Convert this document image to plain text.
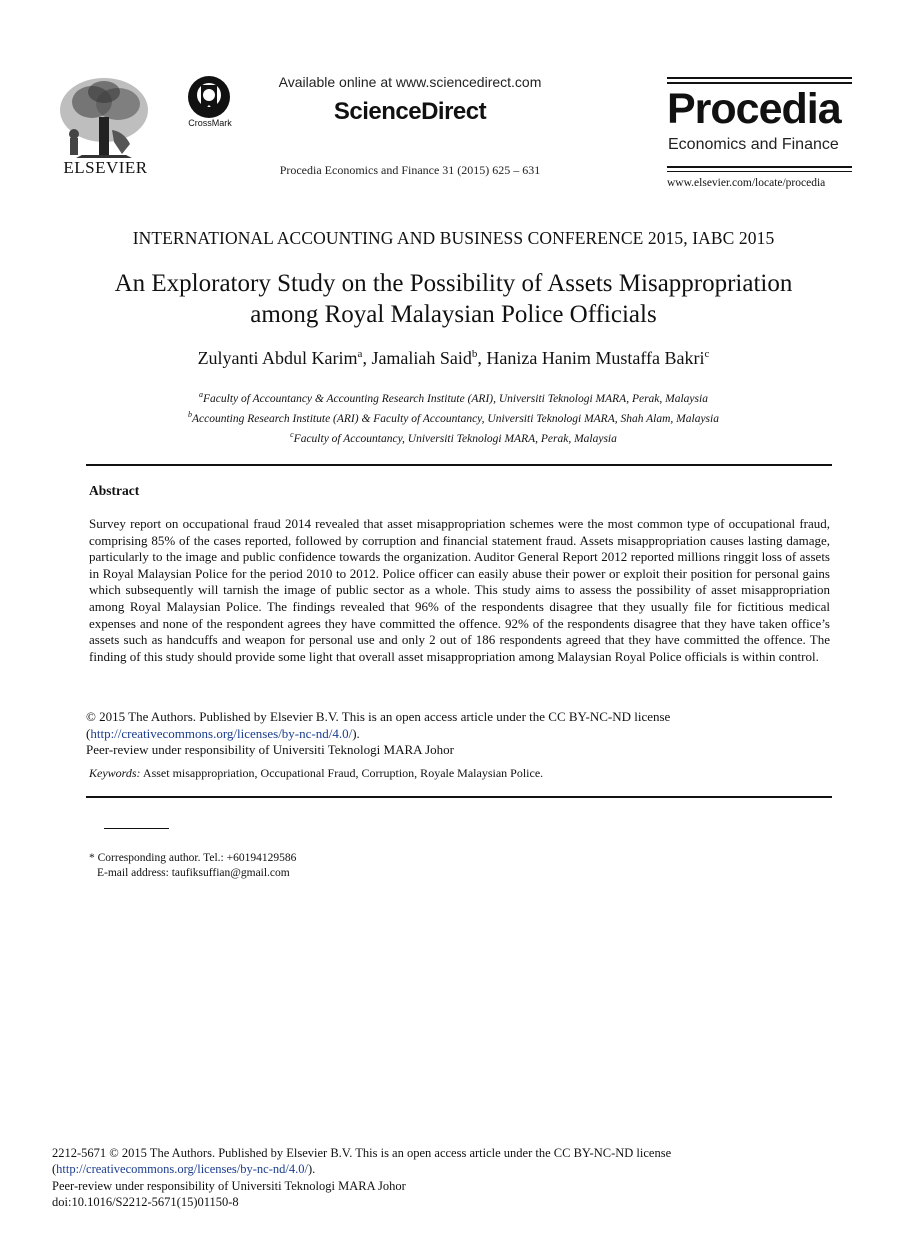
ELSEVIER
CrossMark
Available online at www.sciencedirect.com
ScienceDirect
Procedia Economics and Finance 31 (2015) 625 – 631
Procedia
Economics and Finance
www.elsevier.com/locate/procedia
INTERNATIONAL ACCOUNTING AND BUSINESS CONFERENCE 2015, IABC 2015
An Exploratory Study on the Possibility of Assets Misappropriation
among Royal Malaysian Police Officials
Zulyanti Abdul Karim$^a$, Jamaliah Said$^b$, Haniza Hanim Mustaffa Bakri$^c$
$^a$Faculty of Accountancy & Accounting Research Institute (ARI), Universiti Teknologi MARA, Perak, Malaysia
$^b$Accounting Research Institute (ARI) & Faculty of Accountancy, Universiti Teknologi MARA, Shah Alam, Malaysia
$^c$Faculty of Accountancy, Universiti Teknologi MARA, Perak, Malaysia
Abstract
Survey report on occupational fraud 2014 revealed that asset misappropriation schemes were the most common type of occupational fraud, comprising 85% of the cases reported, followed by corruption and financial statement fraud. Assets misappropriation causes lasting damage, particularly to the image and public confidence towards the organization. Auditor General Report 2012 reported millions ringgit loss of assets in Royal Malaysian Police for the period 2010 to 2012. Police officer can easily abuse their power or exploit their position for personal gains which subsequently will tarnish the image of public sector as a whole. This study aims to assess the possibility of asset misappropriation among Royal Malaysian Police. The findings revealed that 96% of the respondents disagree that they usually file for fictitious medical expenses and none of the respondent agrees they have committed the offence. 92% of the respondents disagree that they have taken office’s assets such as handcuffs and weapon for personal use and only 2 out of 186 respondents agreed that they have committed the offence. The finding of this study should provide some light that overall asset misappropriation among Malaysian Royal Police officials is within control.
© 2015 The Authors. Published by Elsevier B.V. This is an open access article under the CC BY-NC-ND license
(http://creativecommons.org/licenses/by-nc-nd/4.0/).
Peer-review under responsibility of Universiti Teknologi MARA Johor
Keywords: Asset misappropriation, Occupational Fraud, Corruption, Royale Malaysian Police.
* Corresponding author. Tel.: +60194129586
E-mail address: taufiksuffian@gmail.com
2212-5671 © 2015 The Authors. Published by Elsevier B.V. This is an open access article under the CC BY-NC-ND license
(http://creativecommons.org/licenses/by-nc-nd/4.0/).
Peer-review under responsibility of Universiti Teknologi MARA Johor
doi:10.1016/S2212-5671(15)01150-8
